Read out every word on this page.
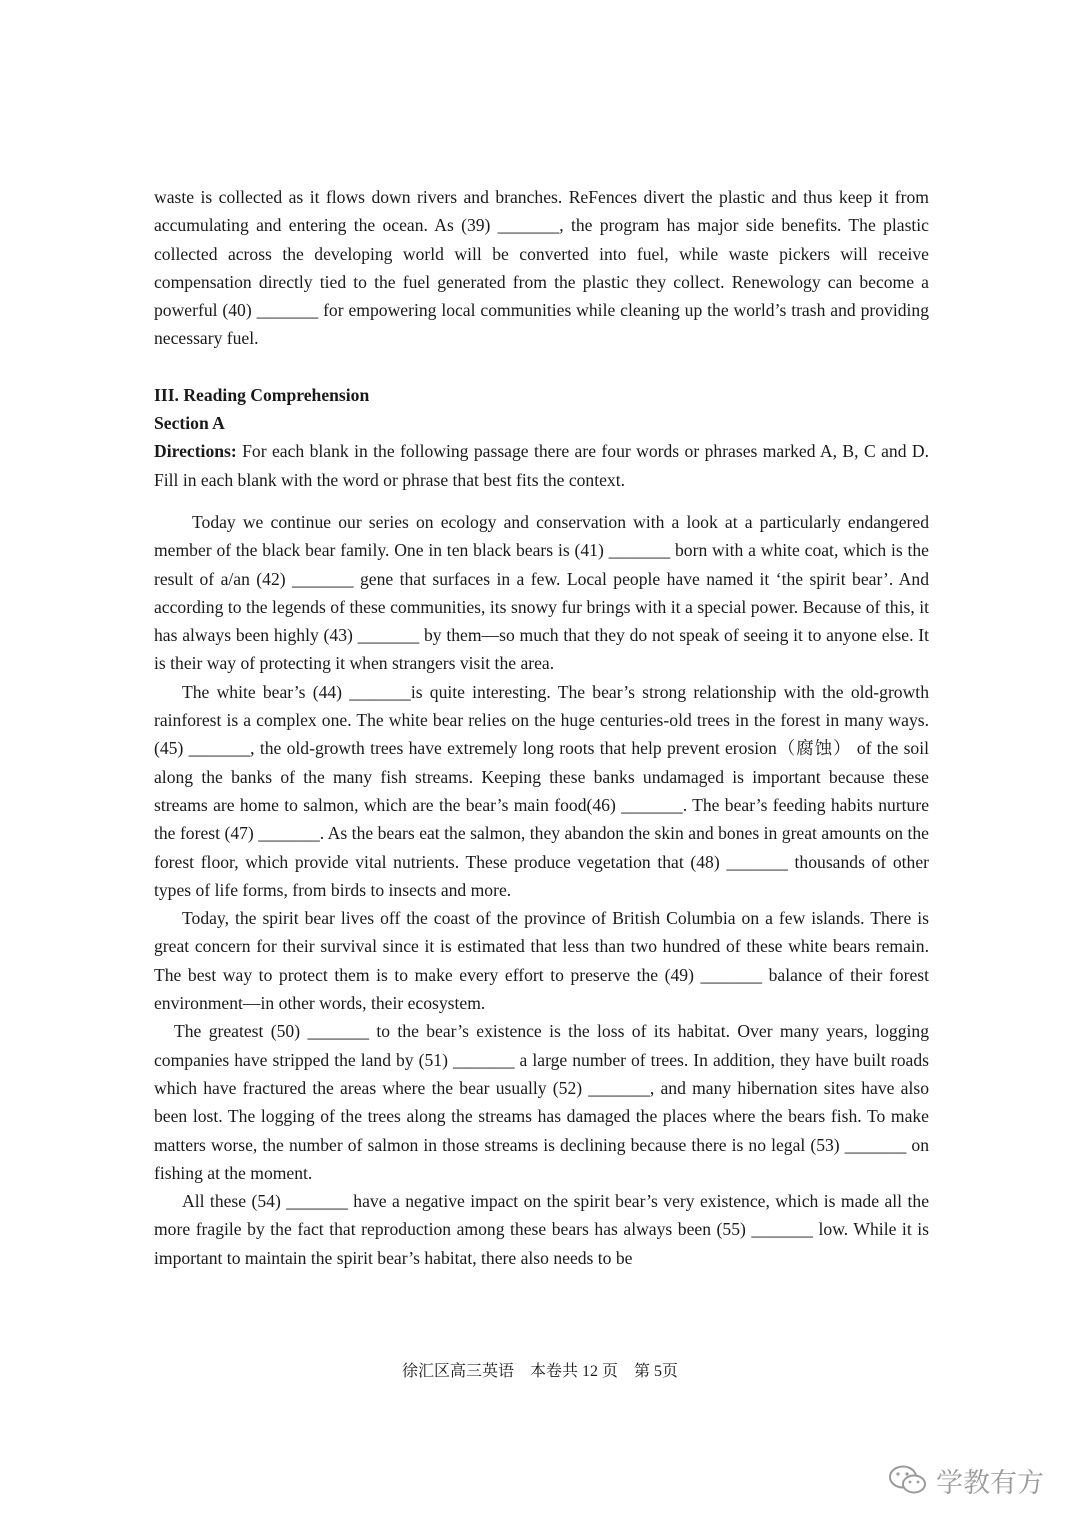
waste is collected as it flows down rivers and branches. ReFences divert the plastic and thus keep it from accumulating and entering the ocean. As (39) _______, the program has major side benefits. The plastic collected across the developing world will be converted into fuel, while waste pickers will receive compensation directly tied to the fuel generated from the plastic they collect. Renewology can become a powerful (40) _______ for empowering local communities while cleaning up the world’s trash and providing necessary fuel.

III. Reading Comprehension

Section A

Directions: For each blank in the following passage there are four words or phrases marked A, B, C and D. Fill in each blank with the word or phrase that best fits the context.

Today we continue our series on ecology and conservation with a look at a particularly endangered member of the black bear family. One in ten black bears is (41) _______ born with a white coat, which is the result of a/an (42) _______ gene that surfaces in a few. Local people have named it ‘the spirit bear’. And according to the legends of these communities, its snowy fur brings with it a special power. Because of this, it has always been highly (43) _______ by them—so much that they do not speak of seeing it to anyone else. It is their way of protecting it when strangers visit the area.

The white bear’s (44) _______is quite interesting. The bear’s strong relationship with the old-growth rainforest is a complex one. The white bear relies on the huge centuries-old trees in the forest in many ways. (45) _______, the old-growth trees have extremely long roots that help prevent erosion（腐蚀） of the soil along the banks of the many fish streams. Keeping these banks undamaged is important because these streams are home to salmon, which are the bear’s main food(46) _______. The bear’s feeding habits nurture the forest (47) _______. As the bears eat the salmon, they abandon the skin and bones in great amounts on the forest floor, which provide vital nutrients. These produce vegetation that (48) _______ thousands of other types of life forms, from birds to insects and more.

Today, the spirit bear lives off the coast of the province of British Columbia on a few islands. There is great concern for their survival since it is estimated that less than two hundred of these white bears remain. The best way to protect them is to make every effort to preserve the (49) _______ balance of their forest environment—in other words, their ecosystem.

The greatest (50) _______ to the bear’s existence is the loss of its habitat. Over many years, logging companies have stripped the land by (51) _______ a large number of trees. In addition, they have built roads which have fractured the areas where the bear usually (52) _______, and many hibernation sites have also been lost. The logging of the trees along the streams has damaged the places where the bears fish. To make matters worse, the number of salmon in those streams is declining because there is no legal (53) _______ on fishing at the moment.

All these (54) _______ have a negative impact on the spirit bear’s very existence, which is made all the more fragile by the fact that reproduction among these bears has always been (55) _______ low. While it is important to maintain the spirit bear’s habitat, there also needs to be

徐汇区高三英语　本卷共 12 页　第 5页
学教有方
